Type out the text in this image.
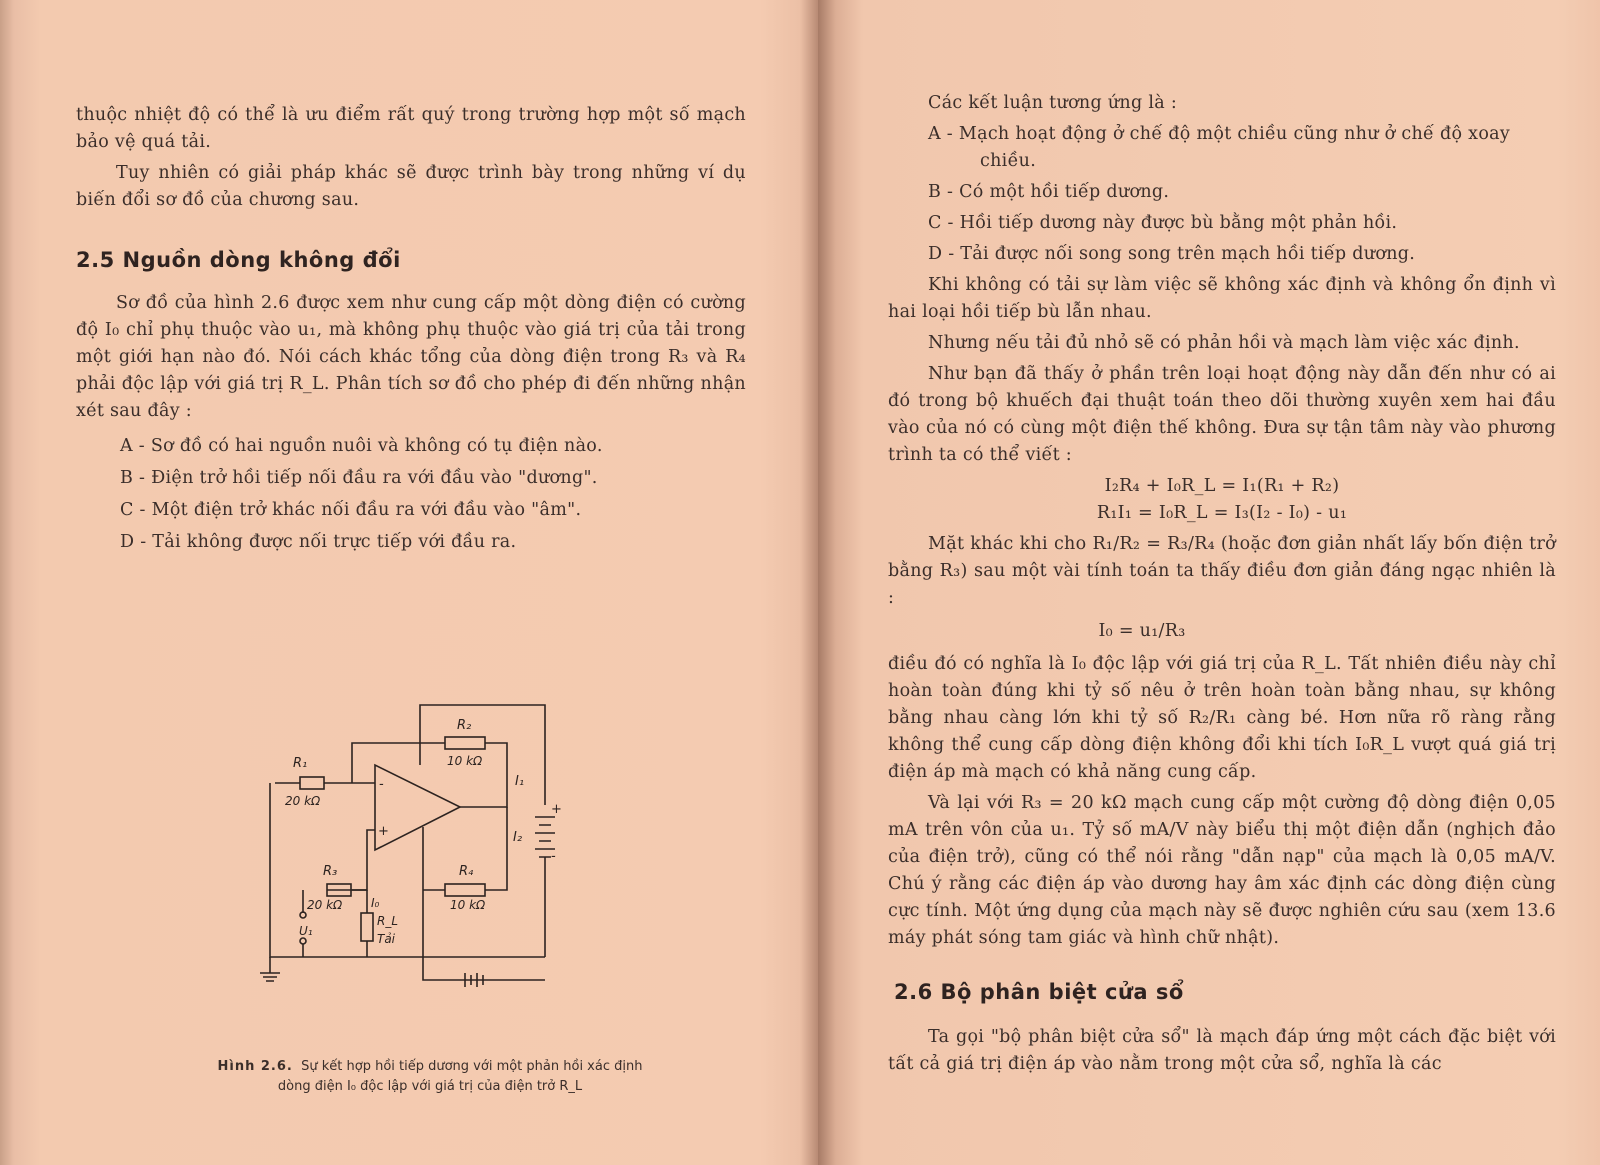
thuộc nhiệt độ có thể là ưu điểm rất quý trong trường hợp một số mạch bảo vệ quá tải.

Tuy nhiên có giải pháp khác sẽ được trình bày trong những ví dụ biến đổi sơ đồ của chương sau.

2.5 Nguồn dòng không đổi

Sơ đồ của hình 2.6 được xem như cung cấp một dòng điện có cường độ I₀ chỉ phụ thuộc vào u₁, mà không phụ thuộc vào giá trị của tải trong một giới hạn nào đó. Nói cách khác tổng của dòng điện trong R₃ và R₄ phải độc lập với giá trị R_L. Phân tích sơ đồ cho phép đi đến những nhận xét sau đây :

A - Sơ đồ có hai nguồn nuôi và không có tụ điện nào.

B - Điện trở hồi tiếp nối đầu ra với đầu vào "dương".

C - Một điện trở khác nối đầu ra với đầu vào "âm".

D - Tải không được nối trực tiếp với đầu ra.

R₁
20 kΩ
R₂
10 kΩ
R₃
20 kΩ
R₄
10 kΩ
R_L
Tải
I₀
I₁
I₂
U₁
-
+
+
-
Hình 2.6. Sự kết hợp hồi tiếp dương với một phản hồi xác định
dòng điện I₀ độc lập với giá trị của điện trở R_L

Các kết luận tương ứng là :

A - Mạch hoạt động ở chế độ một chiều cũng như ở chế độ xoay chiều.

B - Có một hồi tiếp dương.

C - Hồi tiếp dương này được bù bằng một phản hồi.

D - Tải được nối song song trên mạch hồi tiếp dương.

Khi không có tải sự làm việc sẽ không xác định và không ổn định vì hai loại hồi tiếp bù lẫn nhau.

Nhưng nếu tải đủ nhỏ sẽ có phản hồi và mạch làm việc xác định.

Như bạn đã thấy ở phần trên loại hoạt động này dẫn đến như có ai đó trong bộ khuếch đại thuật toán theo dõi thường xuyên xem hai đầu vào của nó có cùng một điện thế không. Đưa sự tận tâm này vào phương trình ta có thể viết :

I₂R₄ + I₀R_L = I₁(R₁ + R₂)

R₁I₁ = I₀R_L = I₃(I₂ - I₀) - u₁

Mặt khác khi cho R₁/R₂ = R₃/R₄ (hoặc đơn giản nhất lấy bốn điện trở bằng R₃) sau một vài tính toán ta thấy điều đơn giản đáng ngạc nhiên là :

I₀ = u₁/R₃

điều đó có nghĩa là I₀ độc lập với giá trị của R_L. Tất nhiên điều này chỉ hoàn toàn đúng khi tỷ số nêu ở trên hoàn toàn bằng nhau, sự không bằng nhau càng lớn khi tỷ số R₂/R₁ càng bé. Hơn nữa rõ ràng rằng không thể cung cấp dòng điện không đổi khi tích I₀R_L vượt quá giá trị điện áp mà mạch có khả năng cung cấp.

Và lại với R₃ = 20 kΩ mạch cung cấp một cường độ dòng điện 0,05 mA trên vôn của u₁. Tỷ số mA/V này biểu thị một điện dẫn (nghịch đảo của điện trở), cũng có thể nói rằng "dẫn nạp" của mạch là 0,05 mA/V. Chú ý rằng các điện áp vào dương hay âm xác định các dòng điện cùng cực tính. Một ứng dụng của mạch này sẽ được nghiên cứu sau (xem 13.6 máy phát sóng tam giác và hình chữ nhật).

2.6 Bộ phân biệt cửa sổ

Ta gọi "bộ phân biệt cửa sổ" là mạch đáp ứng một cách đặc biệt với tất cả giá trị điện áp vào nằm trong một cửa sổ, nghĩa là các
